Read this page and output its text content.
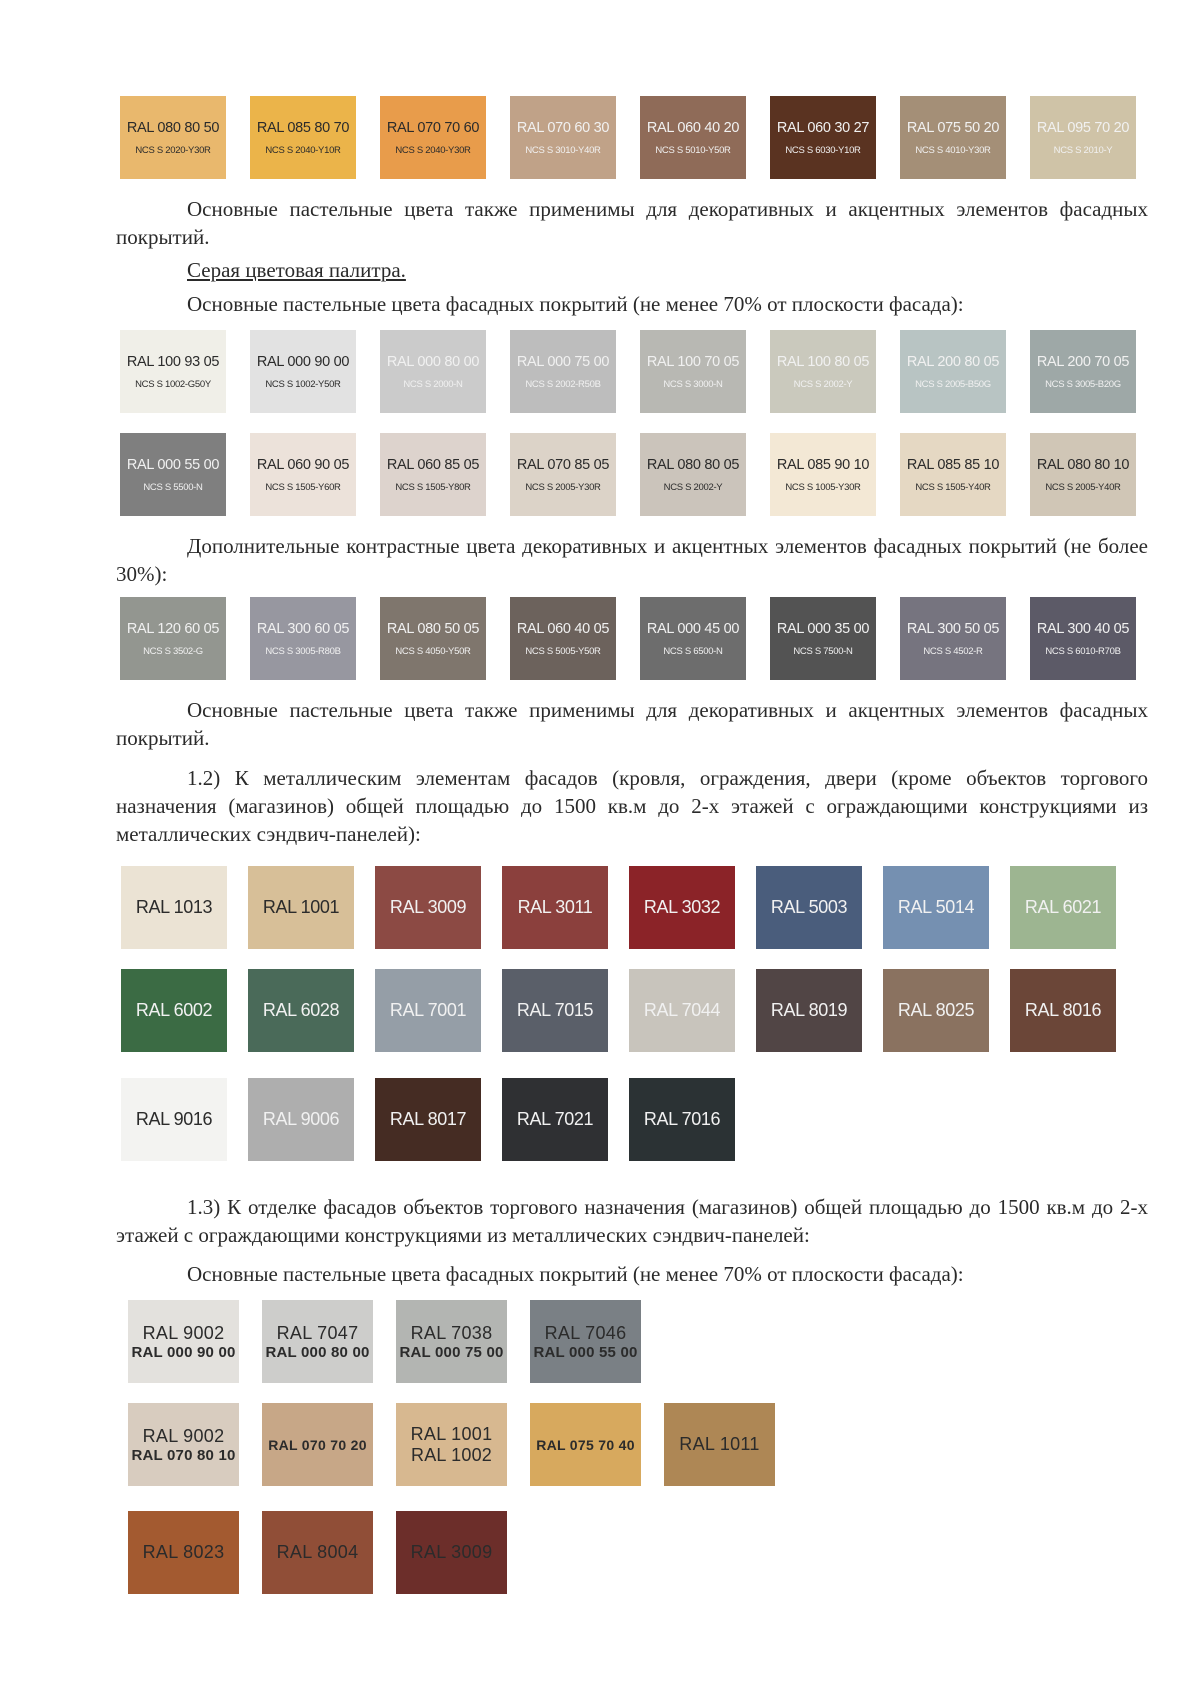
RAL 080 80 50
NCS S 2020-Y30R
RAL 085 80 70
NCS S 2040-Y10R
RAL 070 70 60
NCS S 2040-Y30R
RAL 070 60 30
NCS S 3010-Y40R
RAL 060 40 20
NCS S 5010-Y50R
RAL 060 30 27
NCS S 6030-Y10R
RAL 075 50 20
NCS S 4010-Y30R
RAL 095 70 20
NCS S 2010-Y

Основные пастельные цвета также применимы для декоративных и акцентных элементов фасадных покрытий.

Серая цветовая палитра.

Основные пастельные цвета фасадных покрытий (не менее 70% от плоскости фасада):

RAL 100 93 05
NCS S 1002-G50Y
RAL 000 90 00
NCS S 1002-Y50R
RAL 000 80 00
NCS S 2000-N
RAL 000 75 00
NCS S 2002-R50B
RAL 100 70 05
NCS S 3000-N
RAL 100 80 05
NCS S 2002-Y
RAL 200 80 05
NCS S 2005-B50G
RAL 200 70 05
NCS S 3005-B20G
RAL 000 55 00
NCS S 5500-N
RAL 060 90 05
NCS S 1505-Y60R
RAL 060 85 05
NCS S 1505-Y80R
RAL 070 85 05
NCS S 2005-Y30R
RAL 080 80 05
NCS S 2002-Y
RAL 085 90 10
NCS S 1005-Y30R
RAL 085 85 10
NCS S 1505-Y40R
RAL 080 80 10
NCS S 2005-Y40R

Дополнительные контрастные цвета декоративных и акцентных элементов фасадных покрытий (не более 30%):

RAL 120 60 05
NCS S 3502-G
RAL 300 60 05
NCS S 3005-R80B
RAL 080 50 05
NCS S 4050-Y50R
RAL 060 40 05
NCS S 5005-Y50R
RAL 000 45 00
NCS S 6500-N
RAL 000 35 00
NCS S 7500-N
RAL 300 50 05
NCS S 4502-R
RAL 300 40 05
NCS S 6010-R70B

Основные пастельные цвета также применимы для декоративных и акцентных элементов фасадных покрытий.

1.2) К металлическим элементам фасадов (кровля, ограждения, двери (кроме объектов торгового назначения (магазинов) общей площадью до 1500 кв.м до 2-х этажей с ограждающими конструкциями из металлических сэндвич-панелей):

RAL 1013	RAL 1001	RAL 3009	RAL 3011	RAL 3032	RAL 5003	RAL 5014	RAL 6021
RAL 6002	RAL 6028	RAL 7001	RAL 7015	RAL 7044	RAL 8019	RAL 8025	RAL 8016
RAL 9016	RAL 9006	RAL 8017	RAL 7021	RAL 7016

1.3) К отделке фасадов объектов торгового назначения (магазинов) общей площадью до 1500 кв.м до 2-х этажей с ограждающими конструкциями из металлических сэндвич-панелей:

Основные пастельные цвета фасадных покрытий (не менее 70% от плоскости фасада):

RAL 9002
RAL 000 90 00
RAL 7047
RAL 000 80 00
RAL 7038
RAL 000 75 00
RAL 7046
RAL 000 55 00
RAL 9002
RAL 070 80 10
RAL 070 70 20
RAL 1001
RAL 1002	RAL 075 70 40 RAL 1011
RAL 8023	RAL 8004	RAL 3009
